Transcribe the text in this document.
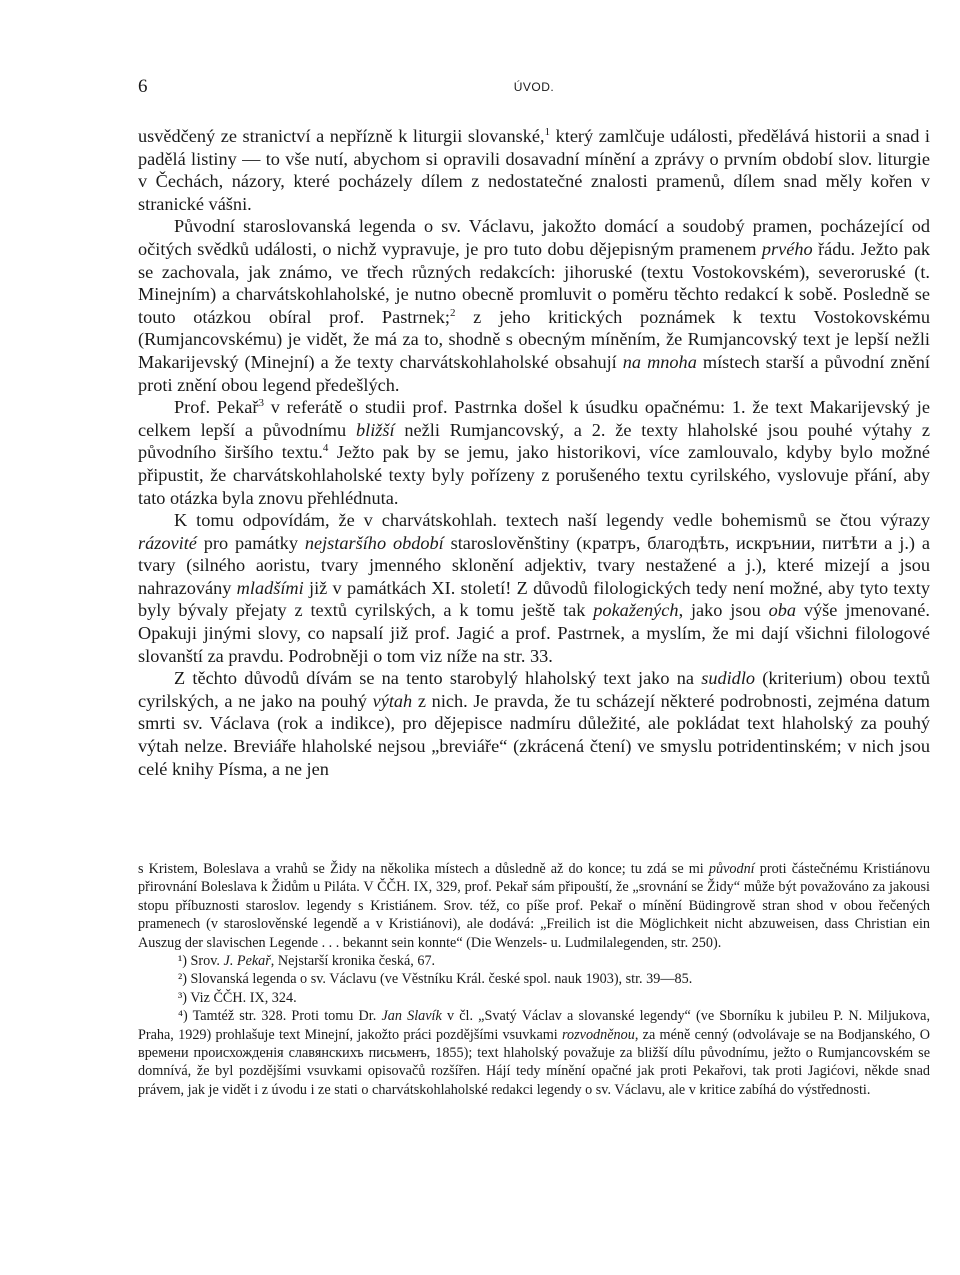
6	ÚVOD.

usvědčený ze stranictví a nepřízně k liturgii slovanské,$^1$ který zamlčuje události, předělává historii a snad i padělá listiny — to vše nutí, abychom si opravili dosavadní mínění a zprávy o prvním období slov. liturgie v Čechách, názory, které pocházely dílem z nedostatečné znalosti pramenů, dílem snad měly kořen v stranické vášni.

Původní staroslovanská legenda o sv. Václavu, jakožto domácí a soudobý pramen, pocházející od očitých svědků události, o nichž vypravuje, je pro tuto dobu dějepisným pramenem prvého řádu. Ježto pak se zachovala, jak známo, ve třech různých redakcích: jihoruské (textu Vostokovském), severoruské (t. Minejním) a charvátskohlaholské, je nutno obecně promluvit o poměru těchto redakcí k sobě. Posledně se touto otázkou obíral prof. Pastrnek;$^2$ z jeho kritických poznámek k textu Vostokovskému (Rumjancovskému) je vidět, že má za to, shodně s obecným míněním, že Rumjancovský text je lepší nežli Makarijevský (Minejní) a že texty charvátskohlaholské obsahují na mnoha místech starší a původní znění proti znění obou legend předešlých.

Prof. Pekař$^3$ v referátě o studii prof. Pastrnka došel k úsudku opačnému: 1. že text Makarijevský je celkem lepší a původnímu bližší nežli Rumjancovský, a 2. že texty hlaholské jsou pouhé výtahy z původního širšího textu.$^4$ Ježto pak by se jemu, jako historikovi, více zamlouvalo, kdyby bylo možné připustit, že charvátskohlaholské texty byly pořízeny z porušeného textu cyrilského, vyslovuje přání, aby tato otázka byla znovu přehlédnuta.

K tomu odpovídám, že v charvátskohlah. textech naší legendy vedle bohemismů se čtou výrazy rázovité pro památky nejstaršího období staroslověnštiny (ᴋратръ, благодѣть, искрънии, питѣти a j.) a tvary (silného aoristu, tvary jmenného sklonění adjektiv, tvary nestažené a j.), které mizejí a jsou nahrazovány mladšími již v památkách XI. století! Z důvodů filologických tedy není možné, aby tyto texty byly bývaly přejaty z textů cyrilských, a k tomu ještě tak pokažených, jako jsou oba výše jmenované. Opakuji jinými slovy, co napsalí již prof. Jagić a prof. Pastrnek, a myslím, že mi dají všichni filologové slovanští za pravdu. Podrobněji o tom viz níže na str. 33.

Z těchto důvodů dívám se na tento starobylý hlaholský text jako na sudidlo (kriterium) obou textů cyrilských, a ne jako na pouhý výtah z nich. Je pravda, že tu scházejí některé podrobnosti, zejména datum smrti sv. Václava (rok a indikce), pro dějepisce nadmíru důležité, ale pokládat text hlaholský za pouhý výtah nelze. Breviáře hlaholské nejsou „breviáře“ (zkrácená čtení) ve smyslu potridentinském; v nich jsou celé knihy Písma, a ne jen

s Kristem, Boleslava a vrahů se Židy na několika místech a důsledně až do konce; tu zdá se mi původní proti částečnému Kristiánovu přirovnání Boleslava k Židům u Piláta. V ČČH. IX, 329, prof. Pekař sám připouští, že „srovnání se Židy“ může být považováno za jakousi stopu příbuznosti staroslov. legendy s Kristiánem. Srov. též, co píše prof. Pekař o mínění Büdingrově stran shod v obou řečených pramenech (v staroslověnské legendě a v Kristiánovi), ale dodává: „Freilich ist die Möglichkeit nicht abzuweisen, dass Christian ein Auszug der slavischen Legende . . . bekannt sein konnte“ (Die Wenzels- u. Ludmilalegenden, str. 250).

¹) Srov. J. Pekař, Nejstarší kronika česká, 67.

²) Slovanská legenda o sv. Václavu (ve Věstníku Král. české spol. nauk 1903), str. 39—85.

³) Viz ČČH. IX, 324.

⁴) Tamtéž str. 328. Proti tomu Dr. Jan Slavík v čl. „Svatý Václav a slovanské legendy“ (ve Sborníku k jubileu P. N. Miljukova, Praha, 1929) prohlašuje text Minejní, jakožto práci pozdějšími vsuvkami rozvodněnou, za méně cenný (odvolávaje se na Bodjanského, О времени происхожденія славянскихъ письменъ, 1855); text hlaholský považuje za bližší dílu původnímu, ježto o Rumjancovském se domnívá, že byl pozdějšími vsuvkami opisovačů rozšířen. Hájí tedy mínění opačné jak proti Pekařovi, tak proti Jagićovi, někde snad právem, jak je vidět i z úvodu i ze stati o charvátskohlaholské redakci legendy o sv. Václavu, ale v kritice zabíhá do výstřednosti.
